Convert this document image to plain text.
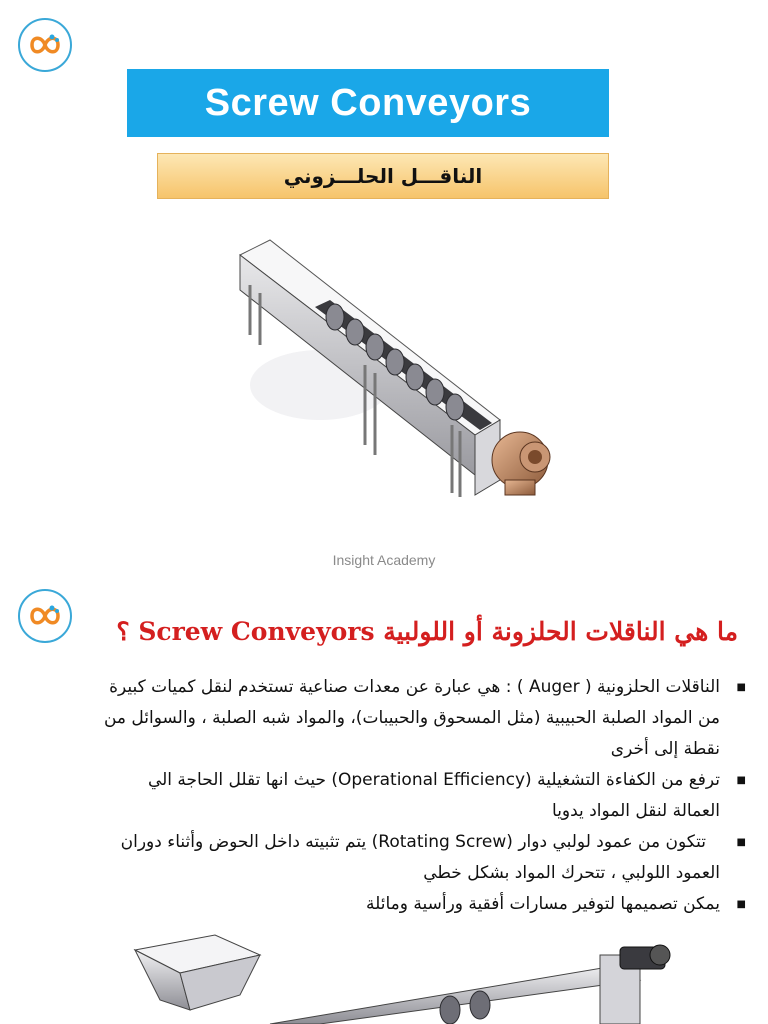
Screw Conveyors
الناقـــل الحلـــزوني
Insight Academy
ما هي الناقلات الحلزونة أو اللولبية Screw Conveyors ؟
■
الناقلات الحلزونية ( Auger ) : هي عبارة عن معدات صناعية تستخدم لنقل كميات كبيرة من المواد الصلبة الحبيبية (مثل المسحوق والحبيبات)، والمواد شبه الصلبة ، والسوائل من نقطة إلى أخرى
■
ترفع من الكفاءة التشغيلية (Operational Efficiency) حيث انها تقلل الحاجة الي العمالة لنقل المواد يدويا
■
تتكون من عمود لولبي دوار (Rotating Screw) يتم تثبيته داخل الحوض وأثناء دوران العمود اللولبي ، تتحرك المواد بشكل خطي
■
يمكن تصميمها لتوفير مسارات أفقية ورأسية ومائلة
